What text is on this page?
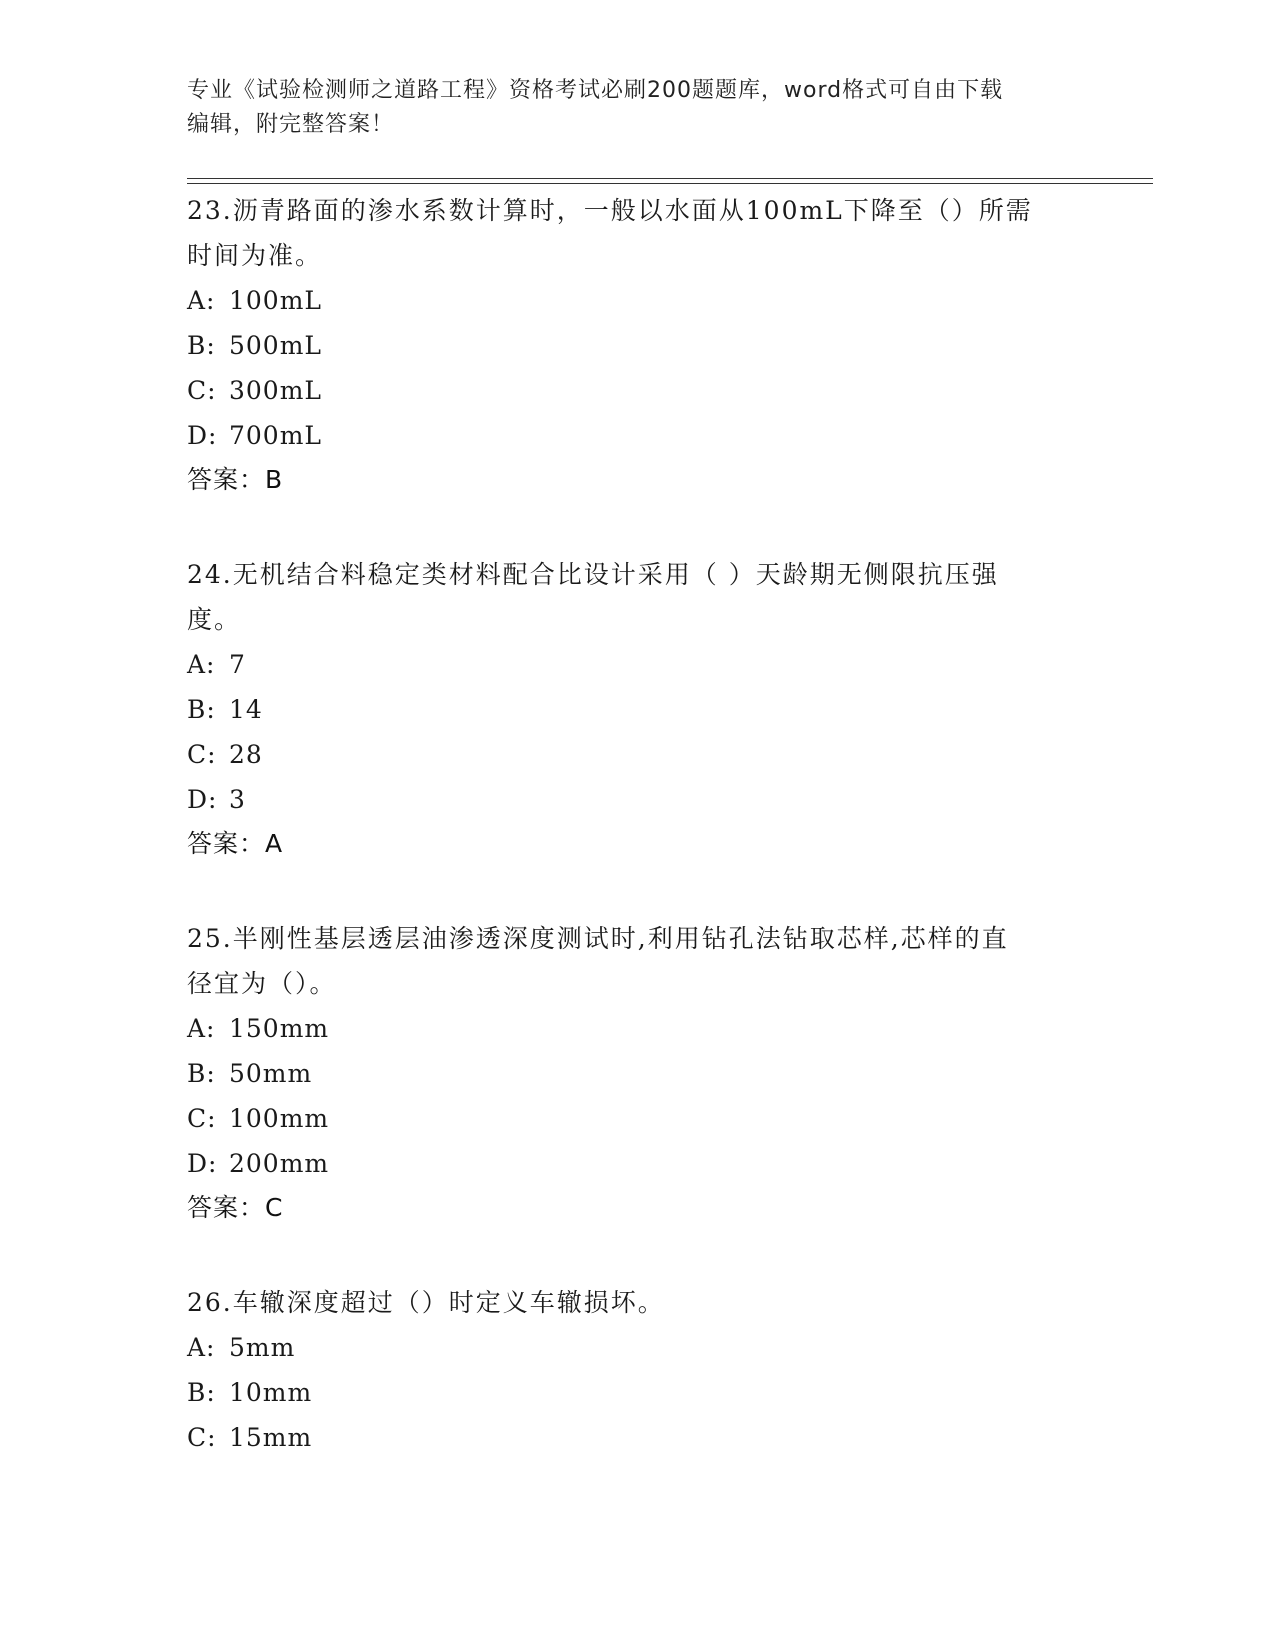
专业《试验检测师之道路工程》资格考试必刷200题题库，word格式可自由下载
编辑，附完整答案！
23.沥青路面的渗水系数计算时，一般以水面从100mL下降至（）所需
时间为准。
A: 100mL
B: 500mL
C: 300mL
D: 700mL
答案：B
24.无机结合料稳定类材料配合比设计采用（ ）天龄期无侧限抗压强
度。
A: 7
B: 14
C: 28
D: 3
答案：A
25.半刚性基层透层油渗透深度测试时,利用钻孔法钻取芯样,芯样的直
径宜为（）。
A: 150mm
B: 50mm
C: 100mm
D: 200mm
答案：C
26.车辙深度超过（）时定义车辙损坏。
A: 5mm
B: 10mm
C: 15mm
